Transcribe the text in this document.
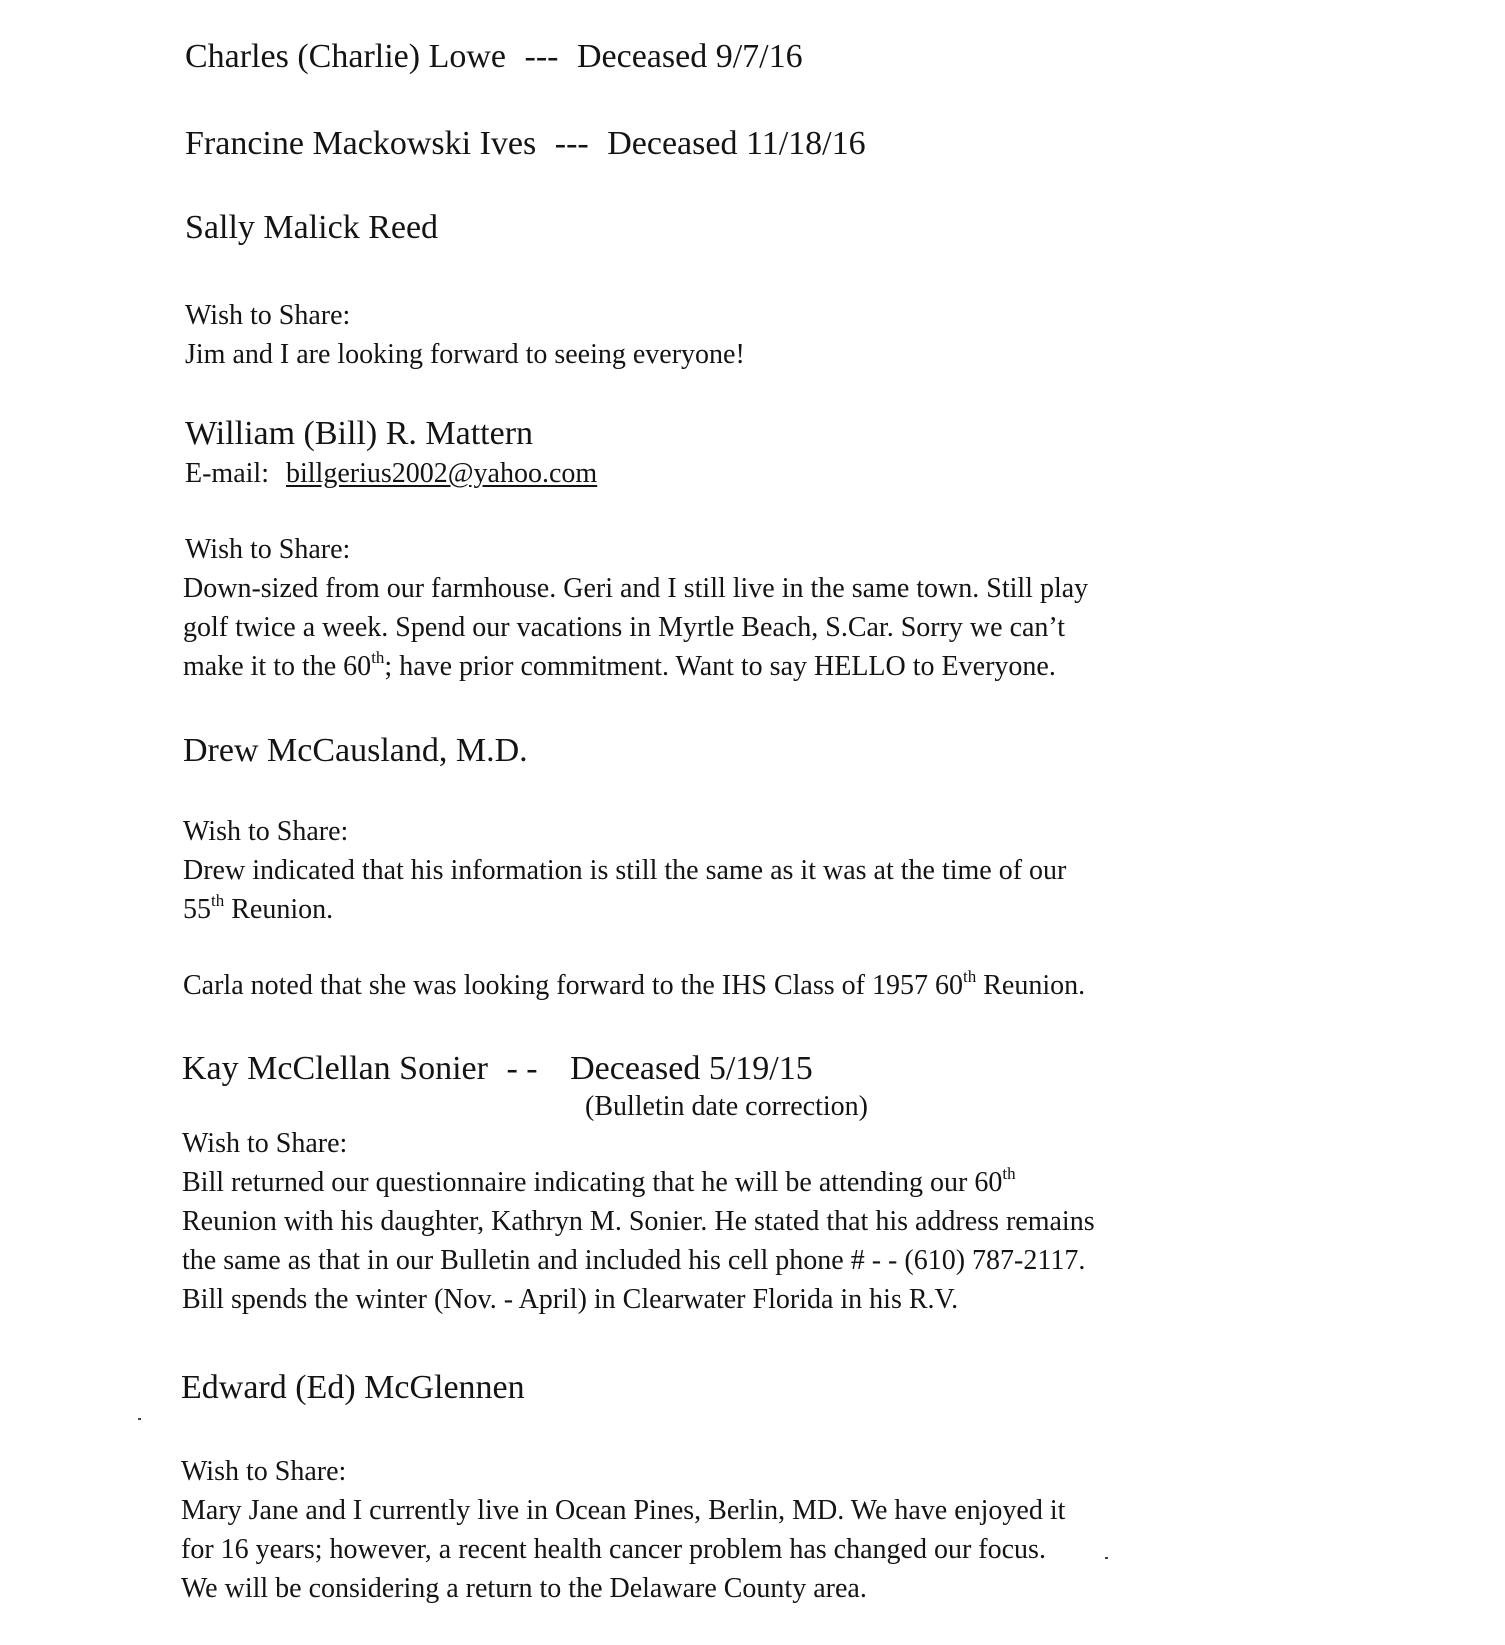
Charles (Charlie) Lowe --- Deceased 9/7/16
Francine Mackowski Ives --- Deceased 11/18/16
Sally Malick Reed
Wish to Share:
Jim and I are looking forward to seeing everyone!
William (Bill) R. Mattern
E-mail: billgerius2002@yahoo.com
Wish to Share:
Down-sized from our farmhouse. Geri and I still live in the same town. Still play
golf twice a week. Spend our vacations in Myrtle Beach, S.Car. Sorry we can’t
make it to the 60th; have prior commitment. Want to say HELLO to Everyone.
Drew McCausland, M.D.
Wish to Share:
Drew indicated that his information is still the same as it was at the time of our
55th Reunion.
Carla noted that she was looking forward to the IHS Class of 1957 60th Reunion.
Kay McClellan Sonier - - Deceased 5/19/15
(Bulletin date correction)
Wish to Share:
Bill returned our questionnaire indicating that he will be attending our 60th
Reunion with his daughter, Kathryn M. Sonier. He stated that his address remains
the same as that in our Bulletin and included his cell phone # - - (610) 787-2117.
Bill spends the winter (Nov. - April) in Clearwater Florida in his R.V.
Edward (Ed) McGlennen
Wish to Share:
Mary Jane and I currently live in Ocean Pines, Berlin, MD. We have enjoyed it
for 16 years; however, a recent health cancer problem has changed our focus.
We will be considering a return to the Delaware County area.
